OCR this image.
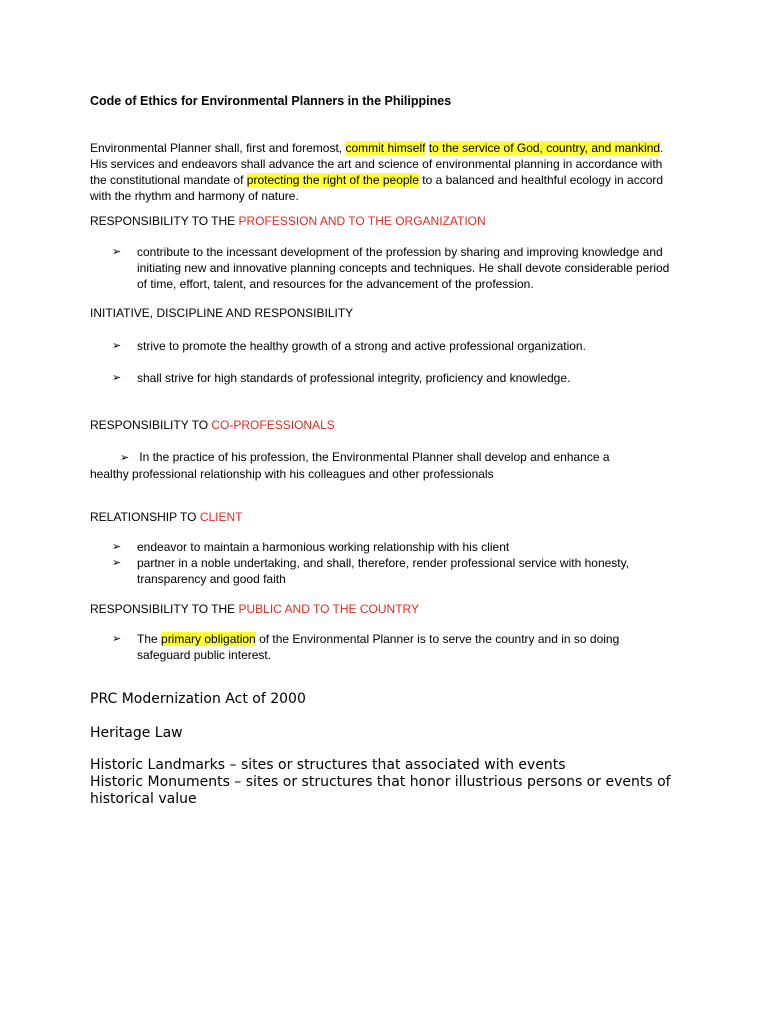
Code of Ethics for Environmental Planners in the Philippines
Environmental Planner shall, first and foremost, commit himself to the service of God, country, and mankind. His services and endeavors shall advance the art and science of environmental planning in accordance with the constitutional mandate of protecting the right of the people to a balanced and healthful ecology in accord with the rhythm and harmony of nature.
RESPONSIBILITY TO THE PROFESSION AND TO THE ORGANIZATION
➢ contribute to the incessant development of the profession by sharing and improving knowledge and initiating new and innovative planning concepts and techniques. He shall devote considerable period of time, effort, talent, and resources for the advancement of the profession.
INITIATIVE, DISCIPLINE AND RESPONSIBILITY
➢ strive to promote the healthy growth of a strong and active professional organization.
➢ shall strive for high standards of professional integrity, proficiency and knowledge.
RESPONSIBILITY TO CO-PROFESSIONALS
➢ In the practice of his profession, the Environmental Planner shall develop and enhance a healthy professional relationship with his colleagues and other professionals
RELATIONSHIP TO CLIENT
➢ endeavor to maintain a harmonious working relationship with his client
➢ partner in a noble undertaking, and shall, therefore, render professional service with honesty, transparency and good faith
RESPONSIBILITY TO THE PUBLIC AND TO THE COUNTRY
➢ The primary obligation of the Environmental Planner is to serve the country and in so doing safeguard public interest.
PRC Modernization Act of 2000
Heritage Law
Historic Landmarks – sites or structures that associated with events
Historic Monuments – sites or structures that honor illustrious persons or events of historical value
